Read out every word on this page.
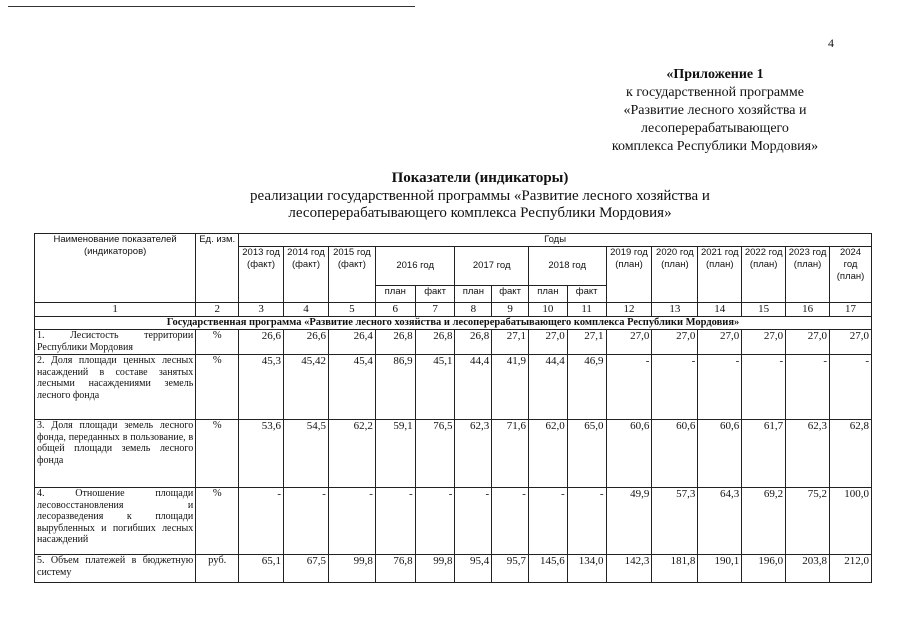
4
«Приложение 1
к государственной программе
«Развитие лесного хозяйства и
лесоперерабатывающего
комплекса Республики Мордовия»
Показатели (индикаторы)
реализации государственной программы «Развитие лесного хозяйства и
лесоперерабатывающего комплекса Республики Мордовия»
Наименование показателей (индикаторов)	Ед. изм.	Годы														
		2013 год (факт)	2014 год (факт)	2015 год (факт)	2016 год		2017 год		2018 год		2019 год (план)	2020 год (план)	2021 год (план)	2022 год (план)	2023 год (план)	2024 год (план)
					план	факт	план	факт	план	факт						
1	2	3	4	5	6	7	8	9	10	11	12	13	14	15	16	17
Государственная программа «Развитие лесного хозяйства и лесоперерабатывающего комплекса Республики Мордовия»																
1. Лесистость территории Республики Мордовия	%	26,6	26,6	26,4	26,8	26,8	26,8	27,1	27,0	27,1	27,0	27,0	27,0	27,0	27,0	27,0
2. Доля площади ценных лесных насаждений в составе занятых лесными насаждениями земель лесного фонда	%	45,3	45,42	45,4	86,9	45,1	44,4	41,9	44,4	46,9	-	-	-	-	-	-
3. Доля площади земель лесного фонда, переданных в пользование, в общей площади земель лесного фонда	%	53,6	54,5	62,2	59,1	76,5	62,3	71,6	62,0	65,0	60,6	60,6	60,6	61,7	62,3	62,8
4. Отношение площади лесовосстановления и лесоразведения к площади вырубленных и погибших лесных насаждений	%	-	-	-	-	-	-	-	-	-	49,9	57,3	64,3	69,2	75,2	100,0
5. Объем платежей в бюджетную систему	руб.	65,1	67,5	99,8	76,8	99,8	95,4	95,7	145,6	134,0	142,3	181,8	190,1	196,0	203,8	212,0
